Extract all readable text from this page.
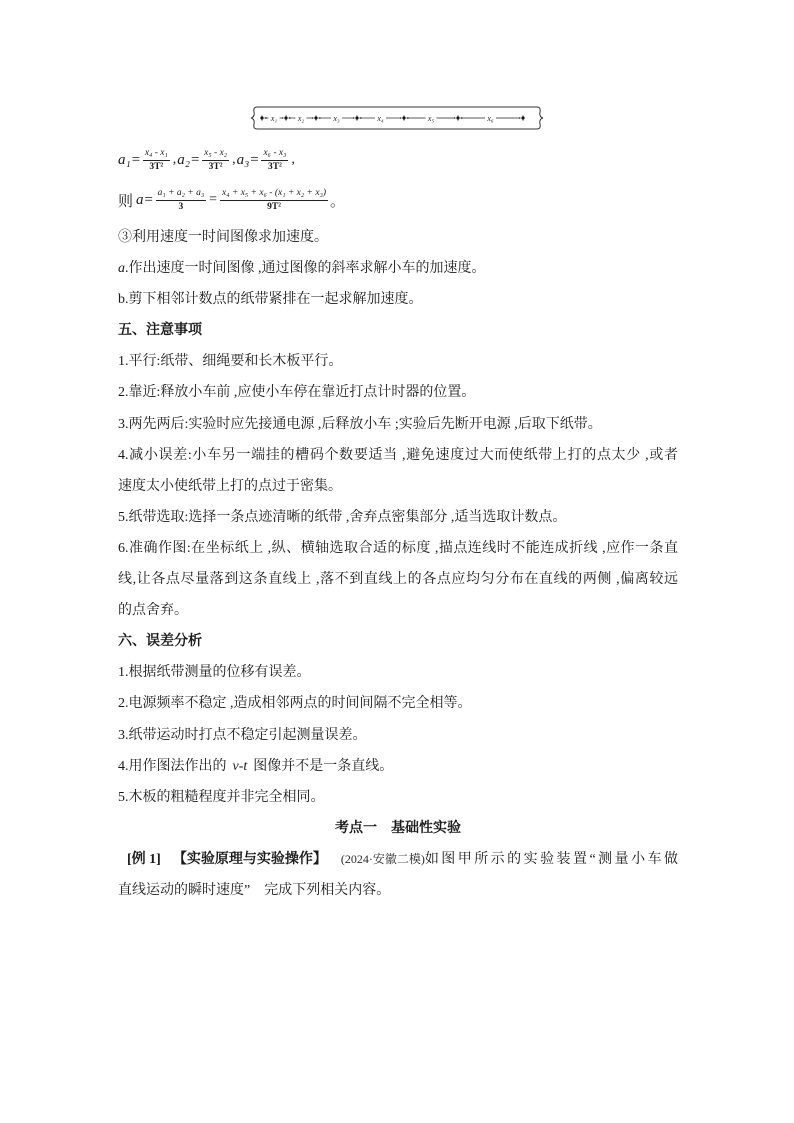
x₁	x₂	x₃	x₄	x₅	x₆
$a_1= \frac{\text{x₄ - x₁}}{\text{3T²}}$ , $a_2= \frac{\text{x₅ - x₂}}{\text{3T²}}$ , $a_3= \frac{\text{x₆ - x₃}}{\text{3T²}}$ ,
则 $a= \frac{\text{a₁ + a₂ + a₃}}{3} = \frac{\text{x₄ + x₅ + x₆ - (x₁ + x₂ + x₃)}}{\text{9T²}}$ 。
③利用速度一时间图像求加速度。
a.作出速度一时间图像 ,通过图像的斜率求解小车的加速度。
b.剪下相邻计数点的纸带紧排在一起求解加速度。
五、注意事项
1.平行:纸带、细绳要和长木板平行。
2.靠近:释放小车前 ,应使小车停在靠近打点计时器的位置。
3.两先两后:实验时应先接通电源 ,后释放小车 ;实验后先断开电源 ,后取下纸带。
4.减小误差:小车另一端挂的槽码个数要适当 ,避免速度过大而使纸带上打的点太少 ,或者
速度太小使纸带上打的点过于密集。
5.纸带选取:选择一条点迹清晰的纸带 ,舍弃点密集部分 ,适当选取计数点。
6.准确作图:在坐标纸上 ,纵、横轴选取合适的标度 ,描点连线时不能连成折线 ,应作一条直
线,让各点尽量落到这条直线上 ,落不到直线上的各点应均匀分布在直线的两侧 ,偏离较远
的点舍弃。
六、误差分析
1.根据纸带测量的位移有误差。
2.电源频率不稳定 ,造成相邻两点的时间间隔不完全相等。
3.纸带运动时打点不稳定引起测量误差。
4.用作图法作出的 v-t 图像并不是一条直线。
5.木板的粗糙程度并非完全相同。
考点一　基础性实验
[例 1] 【实验原理与实验操作】 (2024·安徽二模) 如图甲所示的实验装置“测量小车做
直线运动的瞬时速度”　完成下列相关内容。
